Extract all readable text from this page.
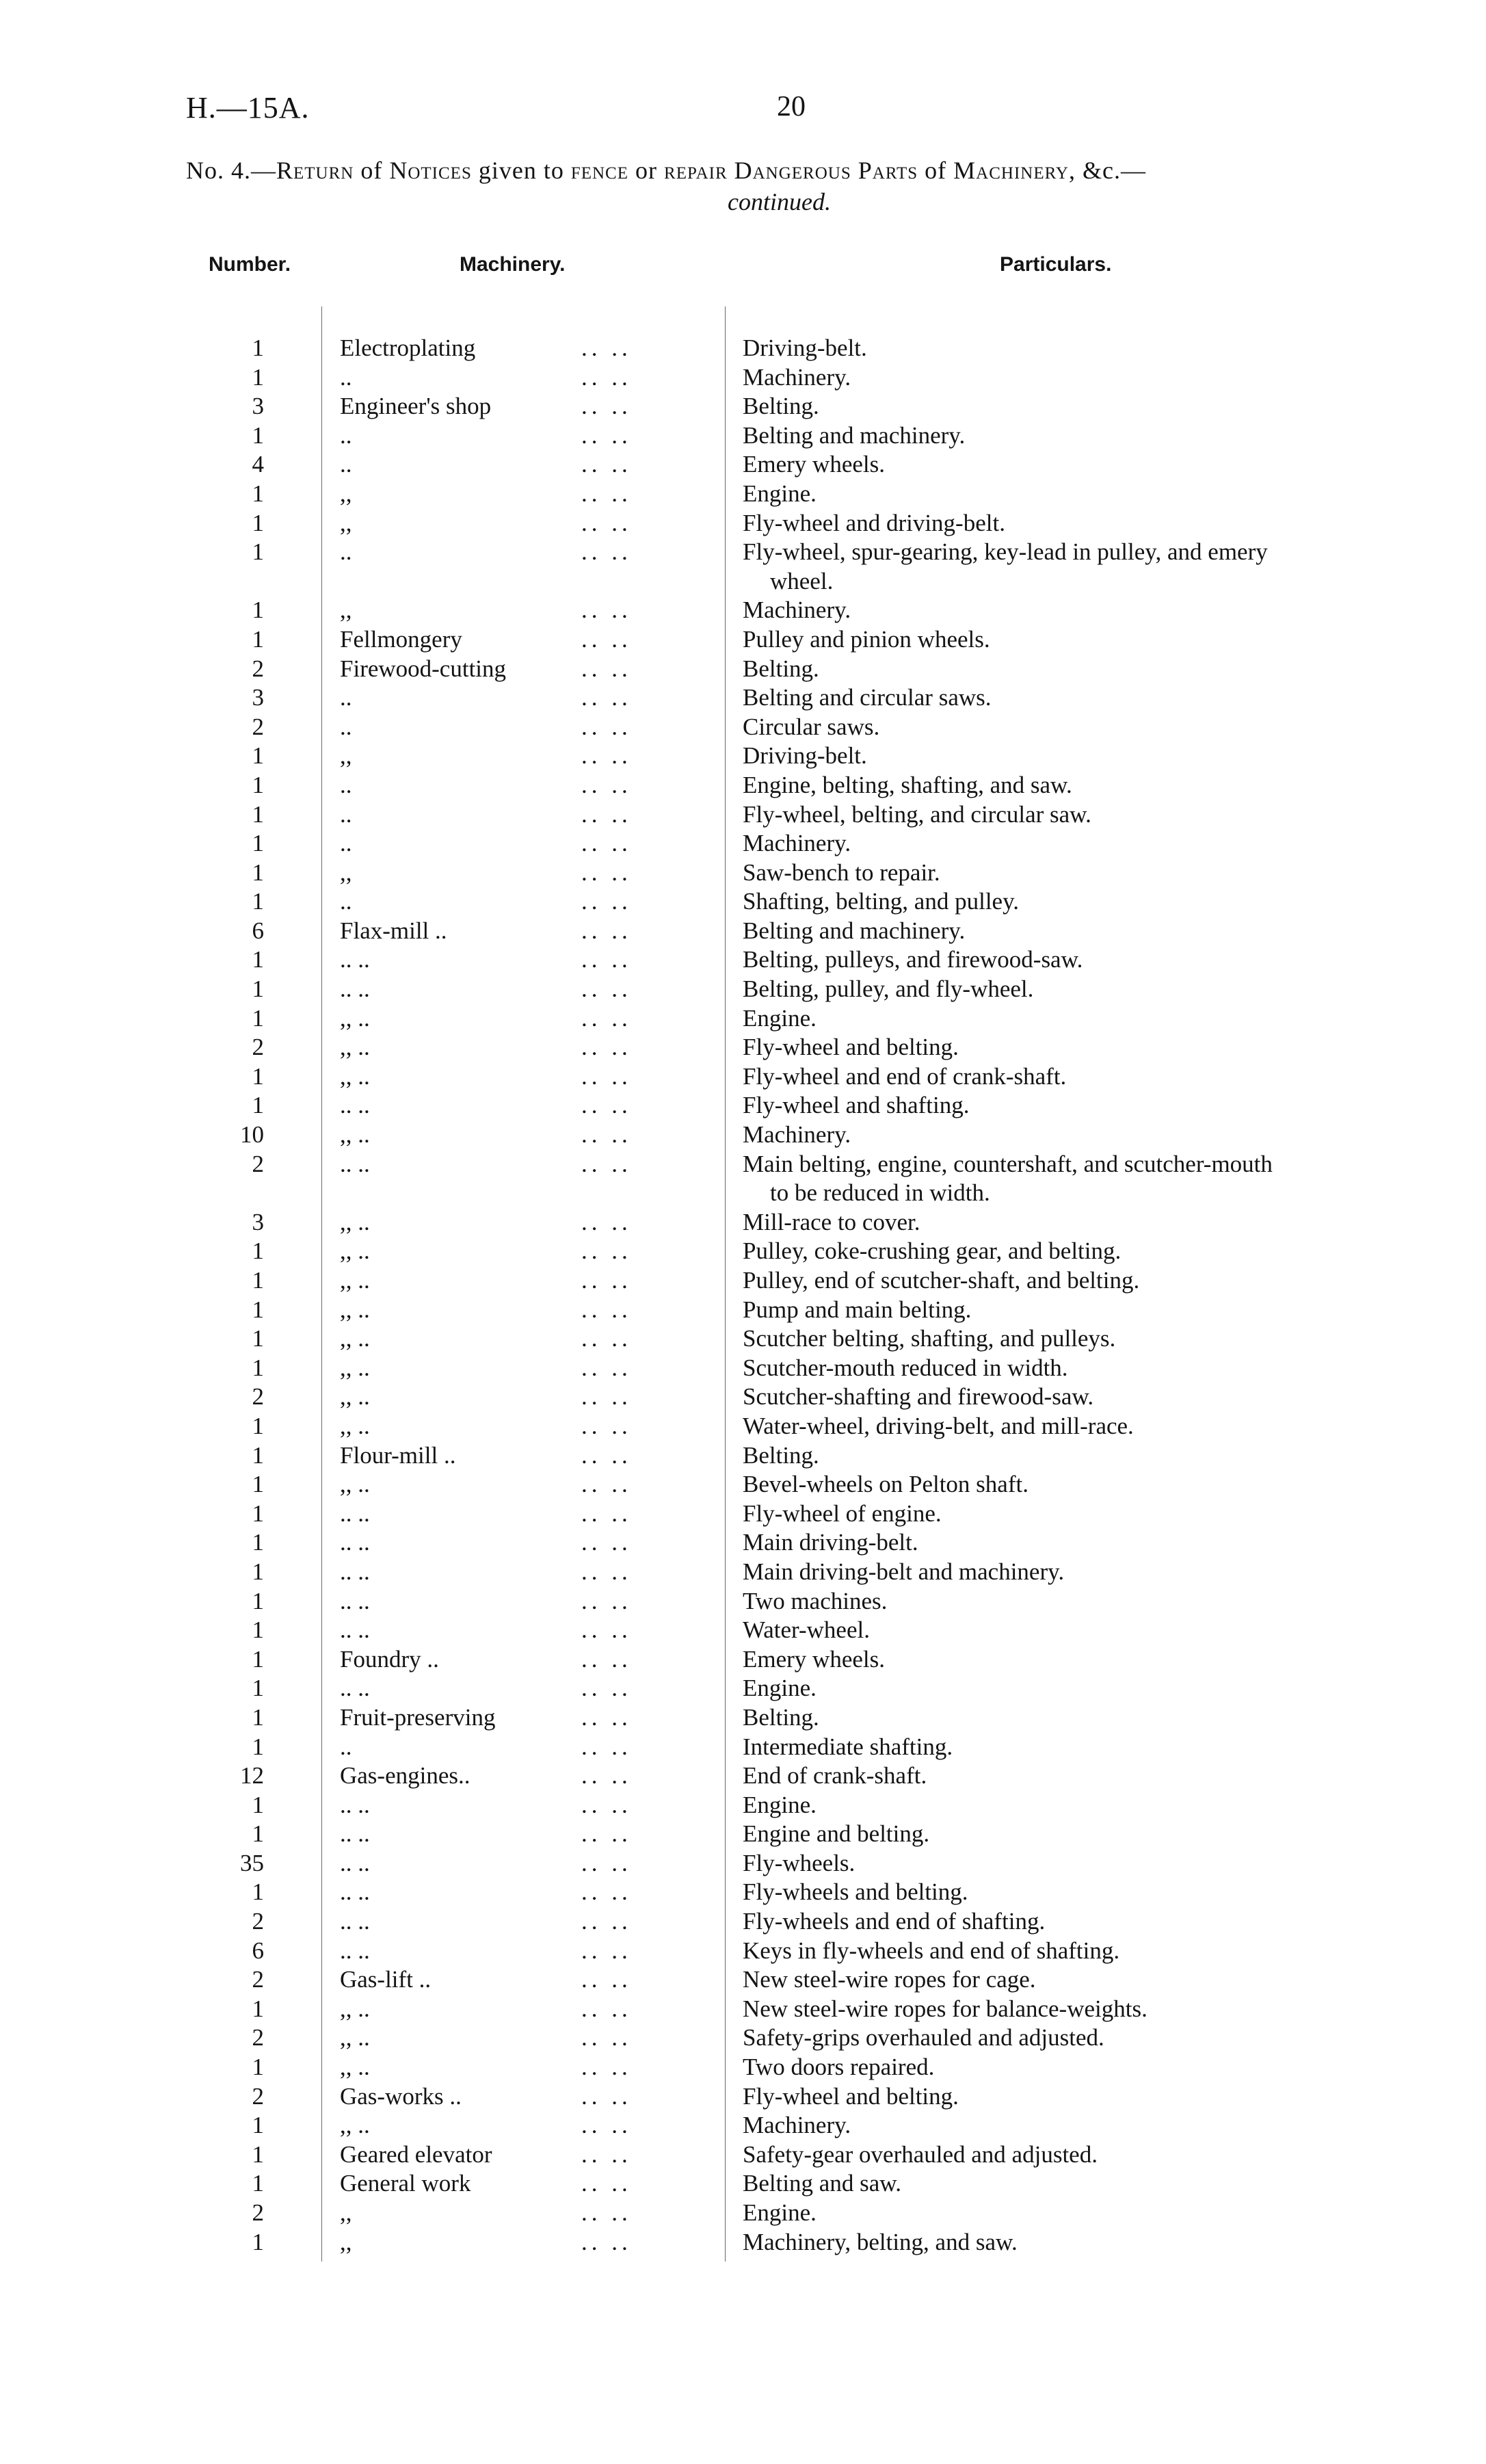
H.—15A.	20
No. 4.—Return of Notices given to fence or repair Dangerous Parts of Machinery, &c.—
continued.
Number.	Machinery.	Particulars.
1	Electroplating	.. ..	Driving-belt.
1	..	.. ..	Machinery.
3	Engineer's shop	.. ..	Belting.
1	..	.. ..	Belting and machinery.
4	..	.. ..	Emery wheels.
1	,,	.. ..	Engine.
1	,,	.. ..	Fly-wheel and driving-belt.
1	..	.. ..	Fly-wheel, spur-gearing, key-lead in pulley, and emery
wheel.
1	,,	.. ..	Machinery.
1	Fellmongery	.. ..	Pulley and pinion wheels.
2	Firewood-cutting	.. ..	Belting.
3	..	.. ..	Belting and circular saws.
2	..	.. ..	Circular saws.
1	,,	.. ..	Driving-belt.
1	..	.. ..	Engine, belting, shafting, and saw.
1	..	.. ..	Fly-wheel, belting, and circular saw.
1	..	.. ..	Machinery.
1	,,	.. ..	Saw-bench to repair.
1	..	.. ..	Shafting, belting, and pulley.
6	Flax-mill ..	.. ..	Belting and machinery.
1	.. ..	.. ..	Belting, pulleys, and firewood-saw.
1	.. ..	.. ..	Belting, pulley, and fly-wheel.
1	,, ..	.. ..	Engine.
2	,, ..	.. ..	Fly-wheel and belting.
1	,, ..	.. ..	Fly-wheel and end of crank-shaft.
1	.. ..	.. ..	Fly-wheel and shafting.
10	,, ..	.. ..	Machinery.
2	.. ..	.. ..	Main belting, engine, countershaft, and scutcher-mouth
to be reduced in width.
3	,, ..	.. ..	Mill-race to cover.
1	,, ..	.. ..	Pulley, coke-crushing gear, and belting.
1	,, ..	.. ..	Pulley, end of scutcher-shaft, and belting.
1	,, ..	.. ..	Pump and main belting.
1	,, ..	.. ..	Scutcher belting, shafting, and pulleys.
1	,, ..	.. ..	Scutcher-mouth reduced in width.
2	,, ..	.. ..	Scutcher-shafting and firewood-saw.
1	,, ..	.. ..	Water-wheel, driving-belt, and mill-race.
1	Flour-mill ..	.. ..	Belting.
1	,, ..	.. ..	Bevel-wheels on Pelton shaft.
1	.. ..	.. ..	Fly-wheel of engine.
1	.. ..	.. ..	Main driving-belt.
1	.. ..	.. ..	Main driving-belt and machinery.
1	.. ..	.. ..	Two machines.
1	.. ..	.. ..	Water-wheel.
1	Foundry ..	.. ..	Emery wheels.
1	.. ..	.. ..	Engine.
1	Fruit-preserving	.. ..	Belting.
1	..	.. ..	Intermediate shafting.
12	Gas-engines..	.. ..	End of crank-shaft.
1	.. ..	.. ..	Engine.
1	.. ..	.. ..	Engine and belting.
35	.. ..	.. ..	Fly-wheels.
1	.. ..	.. ..	Fly-wheels and belting.
2	.. ..	.. ..	Fly-wheels and end of shafting.
6	.. ..	.. ..	Keys in fly-wheels and end of shafting.
2	Gas-lift ..	.. ..	New steel-wire ropes for cage.
1	,, ..	.. ..	New steel-wire ropes for balance-weights.
2	,, ..	.. ..	Safety-grips overhauled and adjusted.
1	,, ..	.. ..	Two doors repaired.
2	Gas-works ..	.. ..	Fly-wheel and belting.
1	,, ..	.. ..	Machinery.
1	Geared elevator	.. ..	Safety-gear overhauled and adjusted.
1	General work	.. ..	Belting and saw.
2	,,	.. ..	Engine.
1	,,	.. ..	Machinery, belting, and saw.
